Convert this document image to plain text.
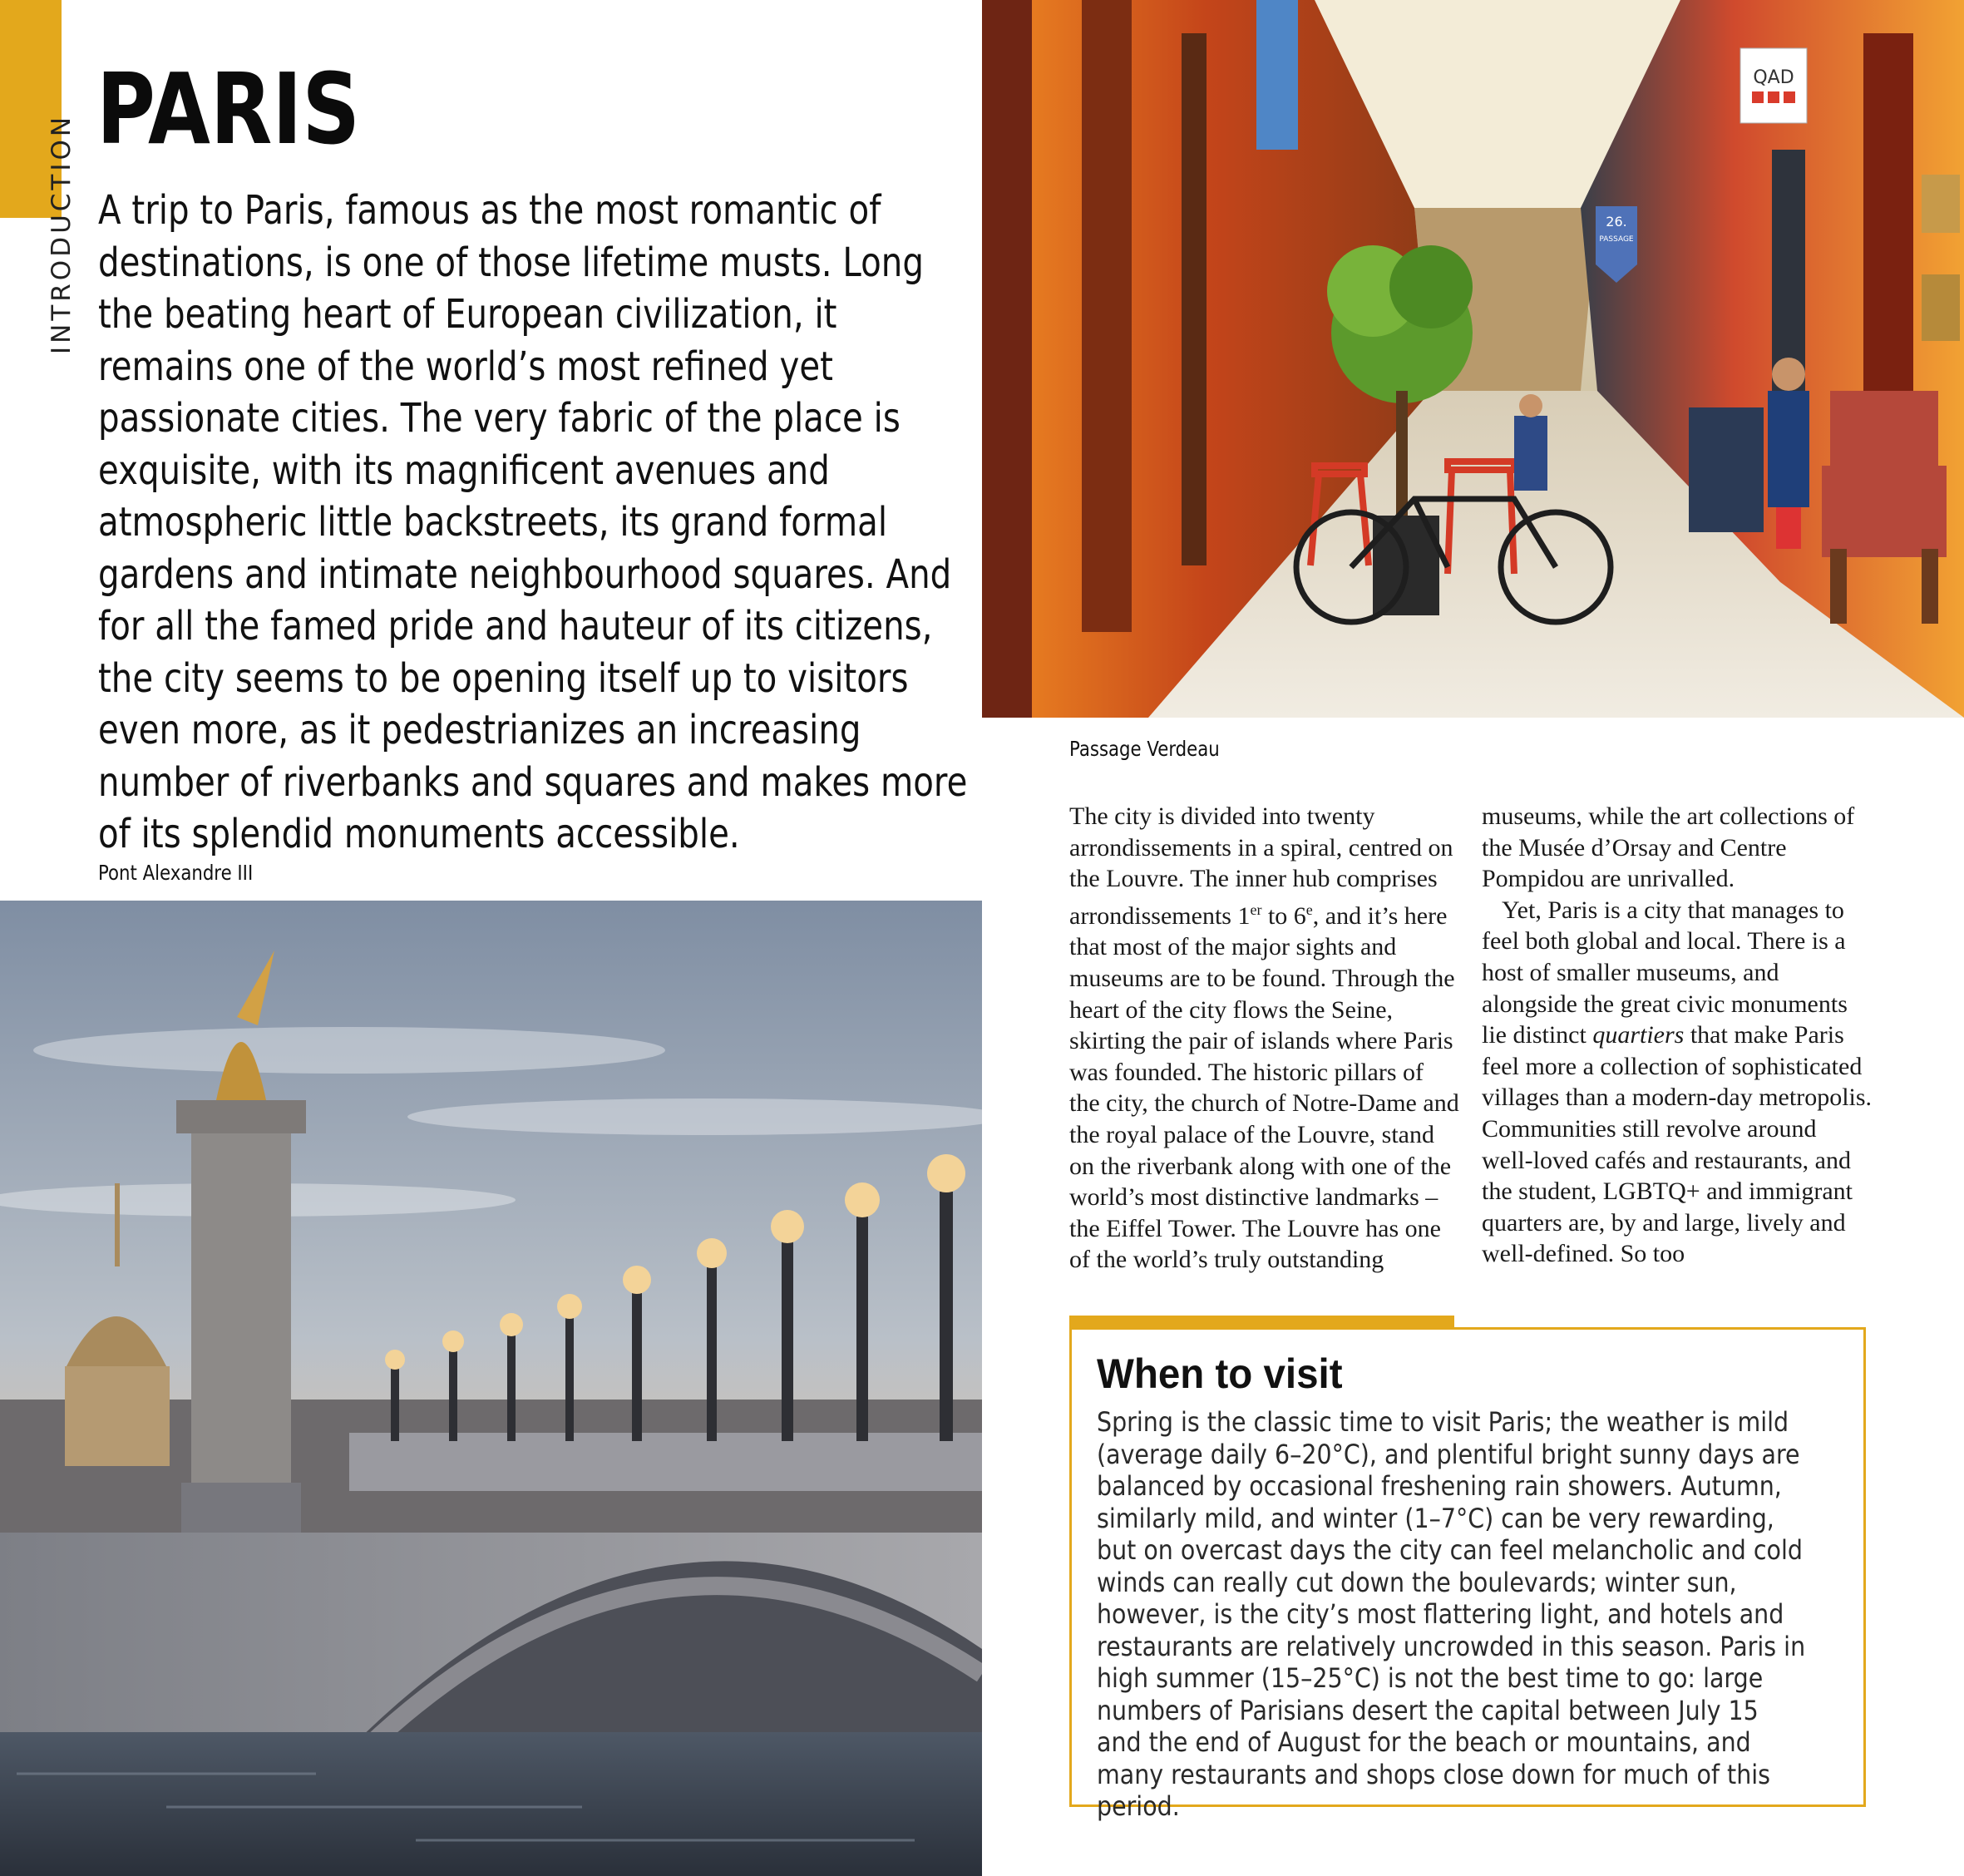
INTRODUCTION
PARIS

A trip to Paris, famous as the most romantic of destinations, is one of those lifetime musts. Long the beating heart of European civilization, it remains one of the world’s most refined yet passionate cities. The very fabric of the place is exquisite, with its magnificent avenues and atmospheric little backstreets, its grand formal gardens and intimate neighbourhood squares. And for all the famed pride and hauteur of its citizens, the city seems to be opening itself up to visitors even more, as it pedestrianizes an increasing number of riverbanks and squares and makes more of its splendid monuments accessible.

QAD
26.
PASSAGE
Passage Verdeau
Pont Alexandre III

The city is divided into twenty arrondissements in a spiral, centred on the Louvre. The inner hub comprises arrondissements 1er to 6e, and it’s here that most of the major sights and museums are to be found. Through the heart of the city flows the Seine, skirting the pair of islands where Paris was founded. The historic pillars of the city, the church of Notre-Dame and the royal palace of the Louvre, stand on the riverbank along with one of the world’s most distinctive landmarks – the Eiffel Tower. The Louvre has one of the world’s truly outstanding

museums, while the art collections of the Musée d’Orsay and Centre Pompidou are unrivalled.

Yet, Paris is a city that manages to feel both global and local. There is a host of smaller museums, and alongside the great civic monuments lie distinct quartiers that make Paris feel more a collection of sophisticated villages than a modern-day metropolis. Communities still revolve around well-loved cafés and restaurants, and the student, LGBTQ+ and immigrant quarters are, by and large, lively and well-defined. So too

When to visit

Spring is the classic time to visit Paris; the weather is mild (average daily 6–20°C), and plentiful bright sunny days are balanced by occasional freshening rain showers. Autumn, similarly mild, and winter (1–7°C) can be very rewarding, but on overcast days the city can feel melancholic and cold winds can really cut down the boulevards; winter sun, however, is the city’s most flattering light, and hotels and restaurants are relatively uncrowded in this season. Paris in high summer (15–25°C) is not the best time to go: large numbers of Parisians desert the capital between July 15 and the end of August for the beach or mountains, and many restaurants and shops close down for much of this period.
